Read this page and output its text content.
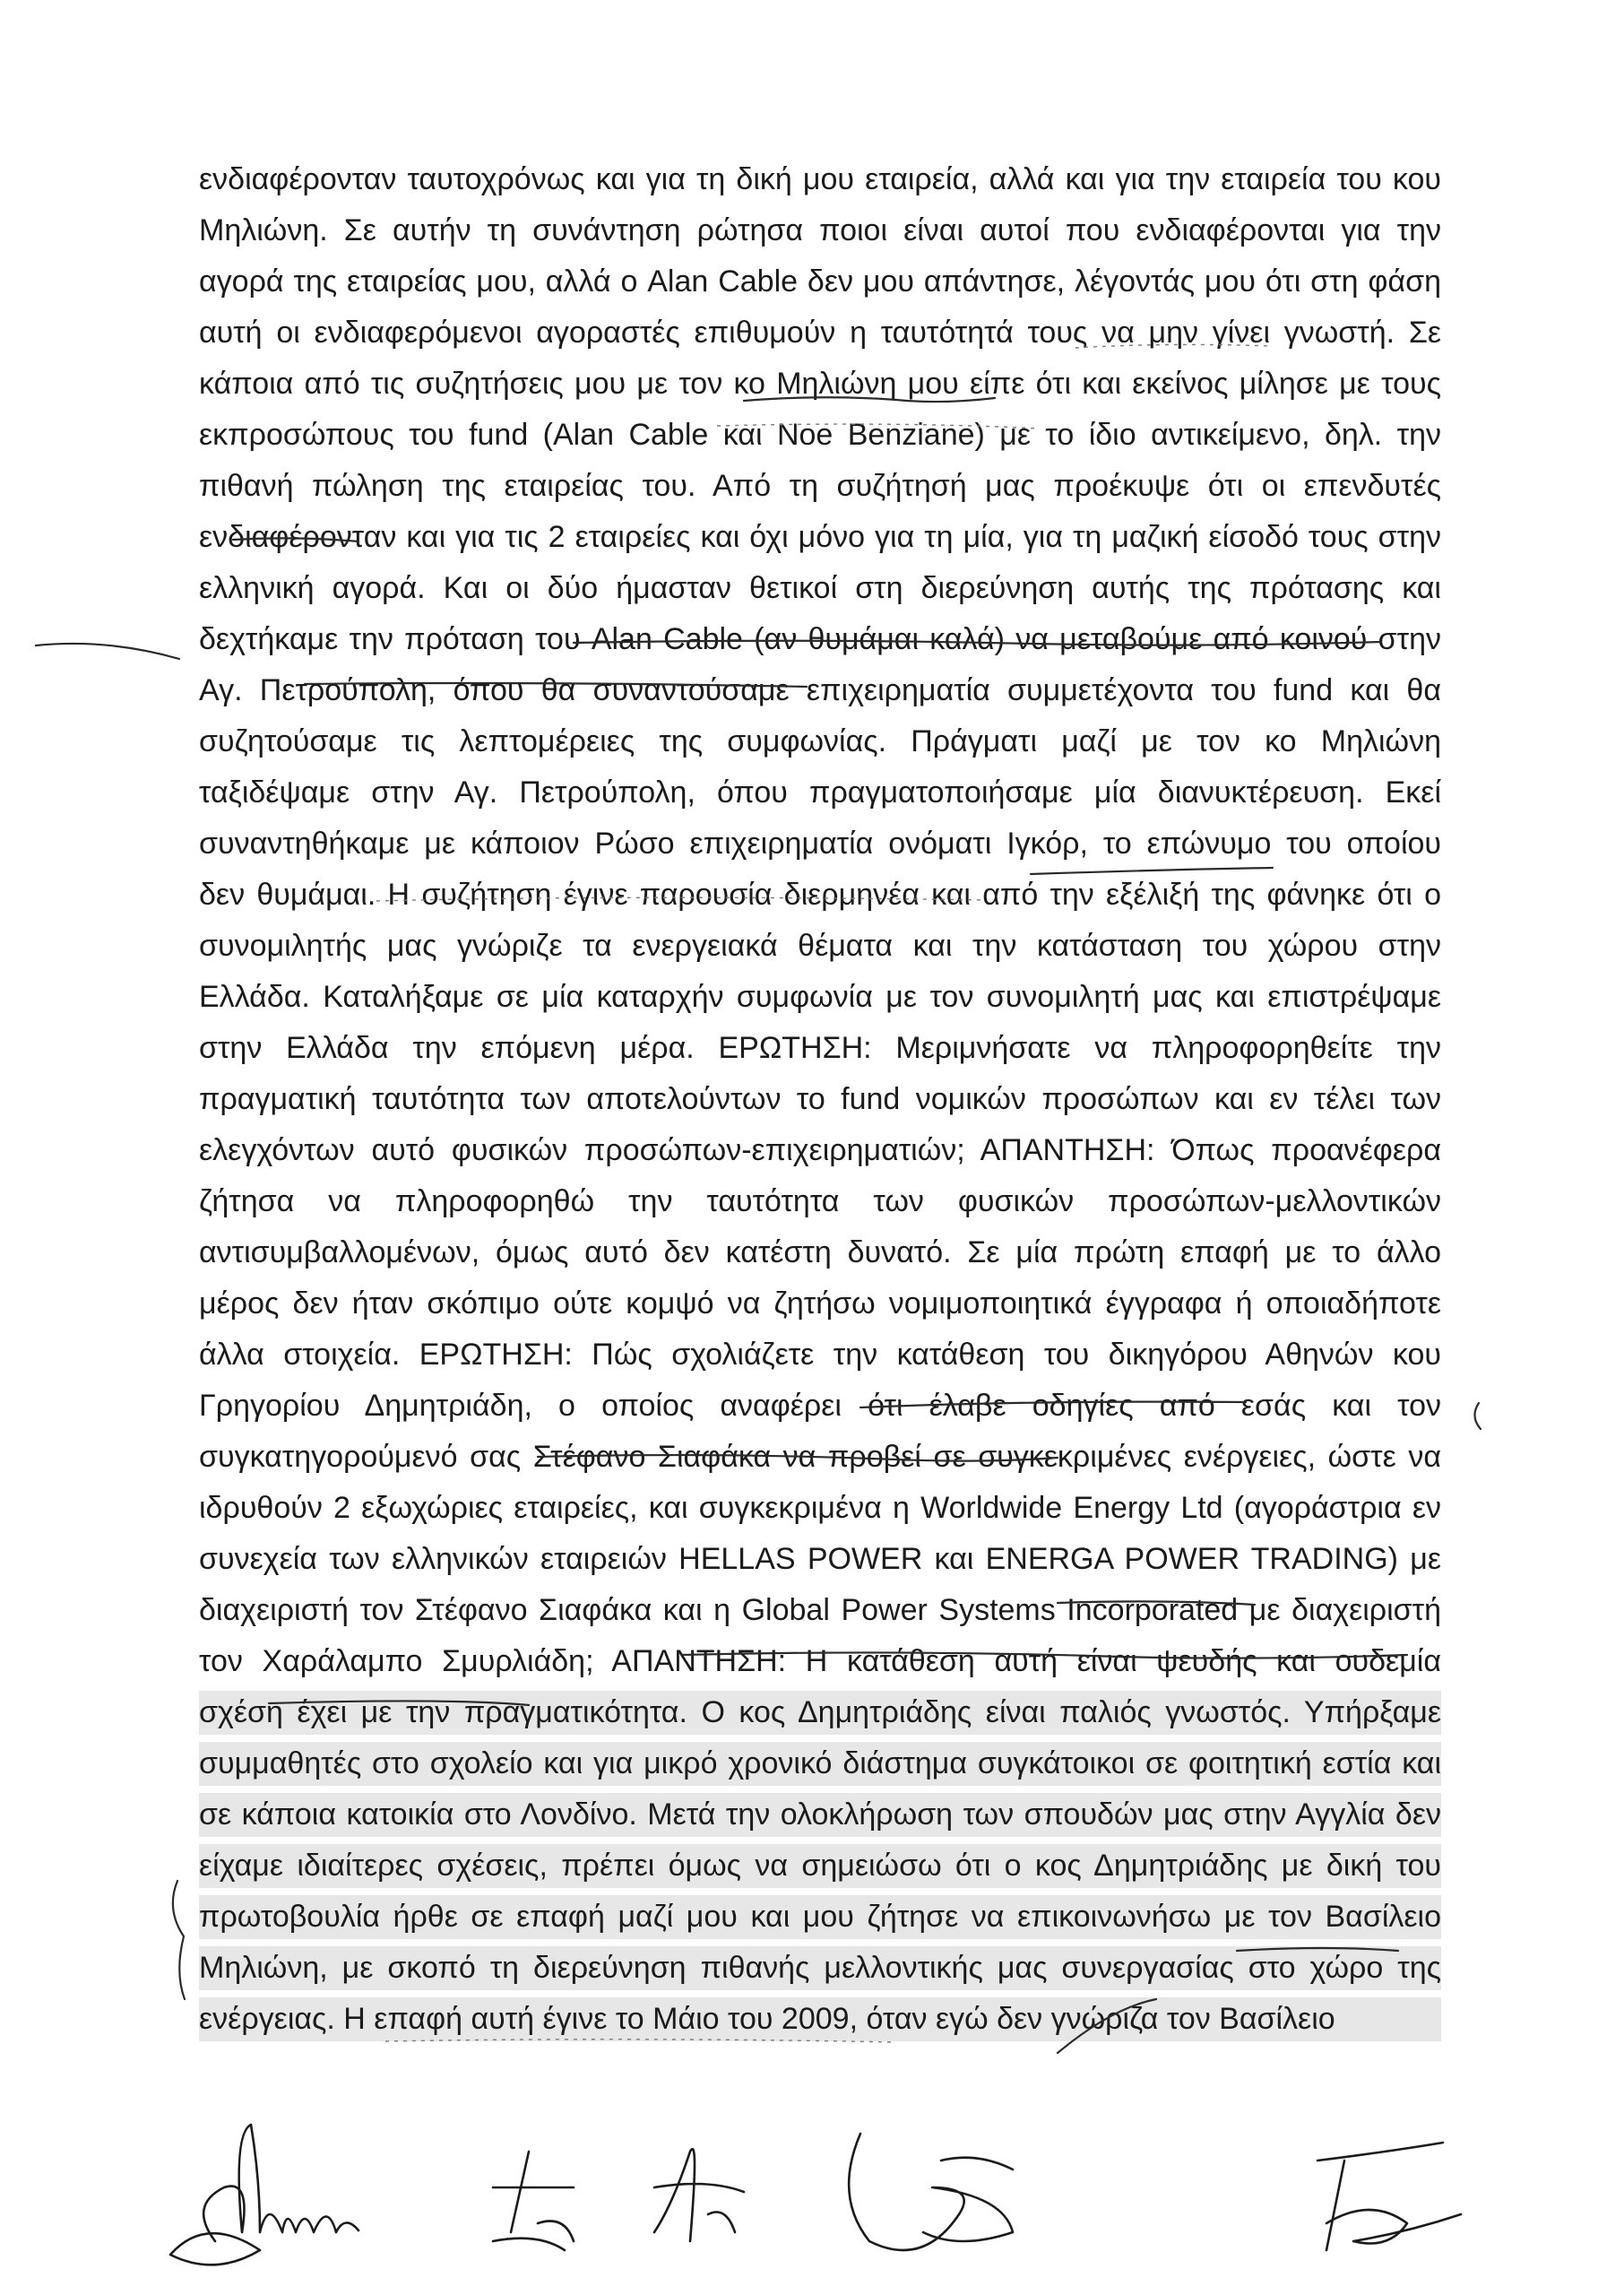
ενδιαφέρονταν ταυτοχρόνως και για τη δική μου εταιρεία, αλλά και για την εταιρεία του κου
Μηλιώνη. Σε αυτήν τη συνάντηση ρώτησα ποιοι είναι αυτοί που ενδιαφέρονται για την
αγορά της εταιρείας μου, αλλά ο Alan Cable δεν μου απάντησε, λέγοντάς μου ότι στη φάση
αυτή οι ενδιαφερόμενοι αγοραστές επιθυμούν η ταυτότητά τους να μην γίνει γνωστή. Σε
κάποια από τις συζητήσεις μου με τον κο Μηλιώνη μου είπε ότι και εκείνος μίλησε με τους
εκπροσώπους του fund (Alan Cable και Noe Benziane) με το ίδιο αντικείμενο, δηλ. την
πιθανή πώληση της εταιρείας του. Από τη συζήτησή μας προέκυψε ότι οι επενδυτές
ενδιαφέρονταν και για τις 2 εταιρείες και όχι μόνο για τη μία, για τη μαζική είσοδό τους στην
ελληνική αγορά. Και οι δύο ήμασταν θετικοί στη διερεύνηση αυτής της πρότασης και
δεχτήκαμε την πρόταση του Alan Cable (αν θυμάμαι καλά) να μεταβούμε από κοινού στην
Αγ. Πετρούπολη, όπου θα συναντούσαμε επιχειρηματία συμμετέχοντα του fund και θα
συζητούσαμε τις λεπτομέρειες της συμφωνίας. Πράγματι μαζί με τον κο Μηλιώνη
ταξιδέψαμε στην Αγ. Πετρούπολη, όπου πραγματοποιήσαμε μία διανυκτέρευση. Εκεί
συναντηθήκαμε με κάποιον Ρώσο επιχειρηματία ονόματι Ιγκόρ, το επώνυμο του οποίου
δεν θυμάμαι. Η συζήτηση έγινε παρουσία διερμηνέα και από την εξέλιξή της φάνηκε ότι ο
συνομιλητής μας γνώριζε τα ενεργειακά θέματα και την κατάσταση του χώρου στην
Ελλάδα. Καταλήξαμε σε μία καταρχήν συμφωνία με τον συνομιλητή μας και επιστρέψαμε
στην Ελλάδα την επόμενη μέρα. ΕΡΩΤΗΣΗ: Μεριμνήσατε να πληροφορηθείτε την
πραγματική ταυτότητα των αποτελούντων το fund νομικών προσώπων και εν τέλει των
ελεγχόντων αυτό φυσικών προσώπων-επιχειρηματιών; ΑΠΑΝΤΗΣΗ: Όπως προανέφερα
ζήτησα να πληροφορηθώ την ταυτότητα των φυσικών προσώπων-μελλοντικών
αντισυμβαλλομένων, όμως αυτό δεν κατέστη δυνατό. Σε μία πρώτη επαφή με το άλλο
μέρος δεν ήταν σκόπιμο ούτε κομψό να ζητήσω νομιμοποιητικά έγγραφα ή οποιαδήποτε
άλλα στοιχεία. ΕΡΩΤΗΣΗ: Πώς σχολιάζετε την κατάθεση του δικηγόρου Αθηνών κου
Γρηγορίου Δημητριάδη, ο οποίος αναφέρει ότι έλαβε οδηγίες από εσάς και τον
συγκατηγορούμενό σας Στέφανο Σιαφάκα να προβεί σε συγκεκριμένες ενέργειες, ώστε να
ιδρυθούν 2 εξωχώριες εταιρείες, και συγκεκριμένα η Worldwide Energy Ltd (αγοράστρια εν
συνεχεία των ελληνικών εταιρειών HELLAS POWER και ENERGA POWER TRADING) με
διαχειριστή τον Στέφανο Σιαφάκα και η Global Power Systems Incorporated με διαχειριστή
τον Χαράλαμπο Σμυρλιάδη; ΑΠΑΝΤΗΣΗ: Η κατάθεση αυτή είναι ψευδής και ουδεμία
σχέση έχει με την πραγματικότητα. Ο κος Δημητριάδης είναι παλιός γνωστός. Υπήρξαμε
συμμαθητές στο σχολείο και για μικρό χρονικό διάστημα συγκάτοικοι σε φοιτητική εστία και
σε κάποια κατοικία στο Λονδίνο. Μετά την ολοκλήρωση των σπουδών μας στην Αγγλία δεν
είχαμε ιδιαίτερες σχέσεις, πρέπει όμως να σημειώσω ότι ο κος Δημητριάδης με δική του
πρωτοβουλία ήρθε σε επαφή μαζί μου και μου ζήτησε να επικοινωνήσω με τον Βασίλειο
Μηλιώνη, με σκοπό τη διερεύνηση πιθανής μελλοντικής μας συνεργασίας στο χώρο της
ενέργειας. Η επαφή αυτή έγινε το Μάιο του 2009, όταν εγώ δεν γνώριζα τον Βασίλειο
